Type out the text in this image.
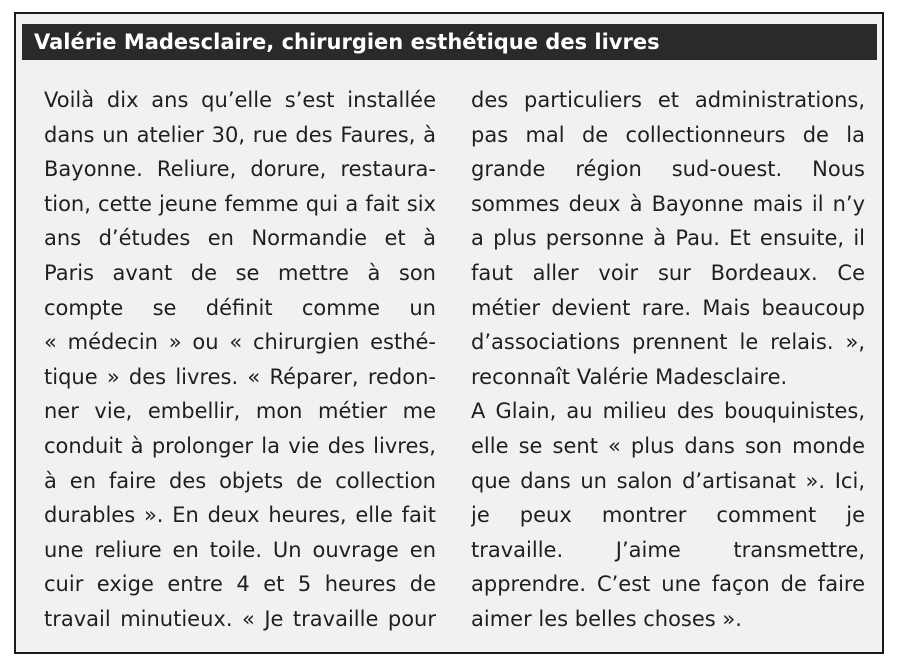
Valérie Madesclaire, chirurgien esthétique des livres
Voilà dix ans qu’elle s’est installée
dans un atelier 30, rue des Faures, à
Bayonne. Reliure, dorure, restaura-
tion, cette jeune femme qui a fait six
ans d’études en Normandie et à
Paris avant de se mettre à son
compte se définit comme un
« médecin » ou « chirurgien esthé-
tique » des livres. « Réparer, redon-
ner vie, embellir, mon métier me
conduit à prolonger la vie des livres,
à en faire des objets de collection
durables ». En deux heures, elle fait
une reliure en toile. Un ouvrage en
cuir exige entre 4 et 5 heures de
travail minutieux. « Je travaille pour
des particuliers et administrations,
pas mal de collectionneurs de la
grande région sud-ouest. Nous
sommes deux à Bayonne mais il n’y
a plus personne à Pau. Et ensuite, il
faut aller voir sur Bordeaux. Ce
métier devient rare. Mais beaucoup
d’associations prennent le relais. »,
reconnaît Valérie Madesclaire.
A Glain, au milieu des bouquinistes,
elle se sent « plus dans son monde
que dans un salon d’artisanat ». Ici,
je peux montrer comment je
travaille. J’aime transmettre,
apprendre. C’est une façon de faire
aimer les belles choses ».
